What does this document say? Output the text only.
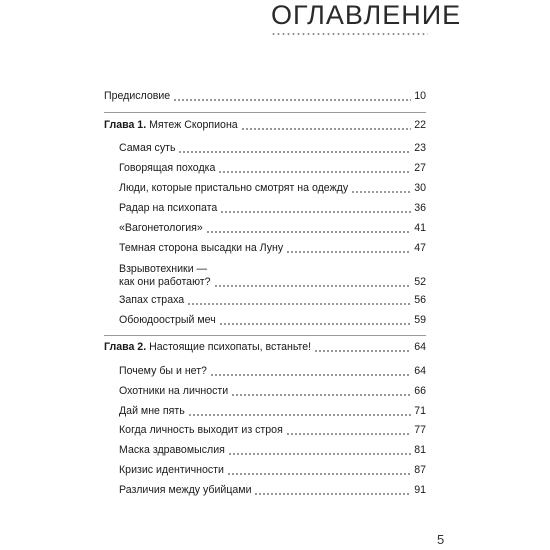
ОГЛАВЛЕНИЕ
Предисловие	10
Глава 1. Мятеж Скорпиона	22
Самая суть	23
Говорящая походка	27
Люди, которые пристально смотрят на одежду	30
Радар на психопата	36
«Вагонетология»	41
Темная сторона высадки на Луну	47
Взрывотехники —
как они работают?	52
Запах страха	56
Обоюдоострый меч	59
Глава 2. Настоящие психопаты, встаньте!	64
Почему бы и нет?	64
Охотники на личности	66
Дай мне пять	71
Когда личность выходит из строя	77
Маска здравомыслия	81
Кризис идентичности	87
Различия между убийцами	91
5
